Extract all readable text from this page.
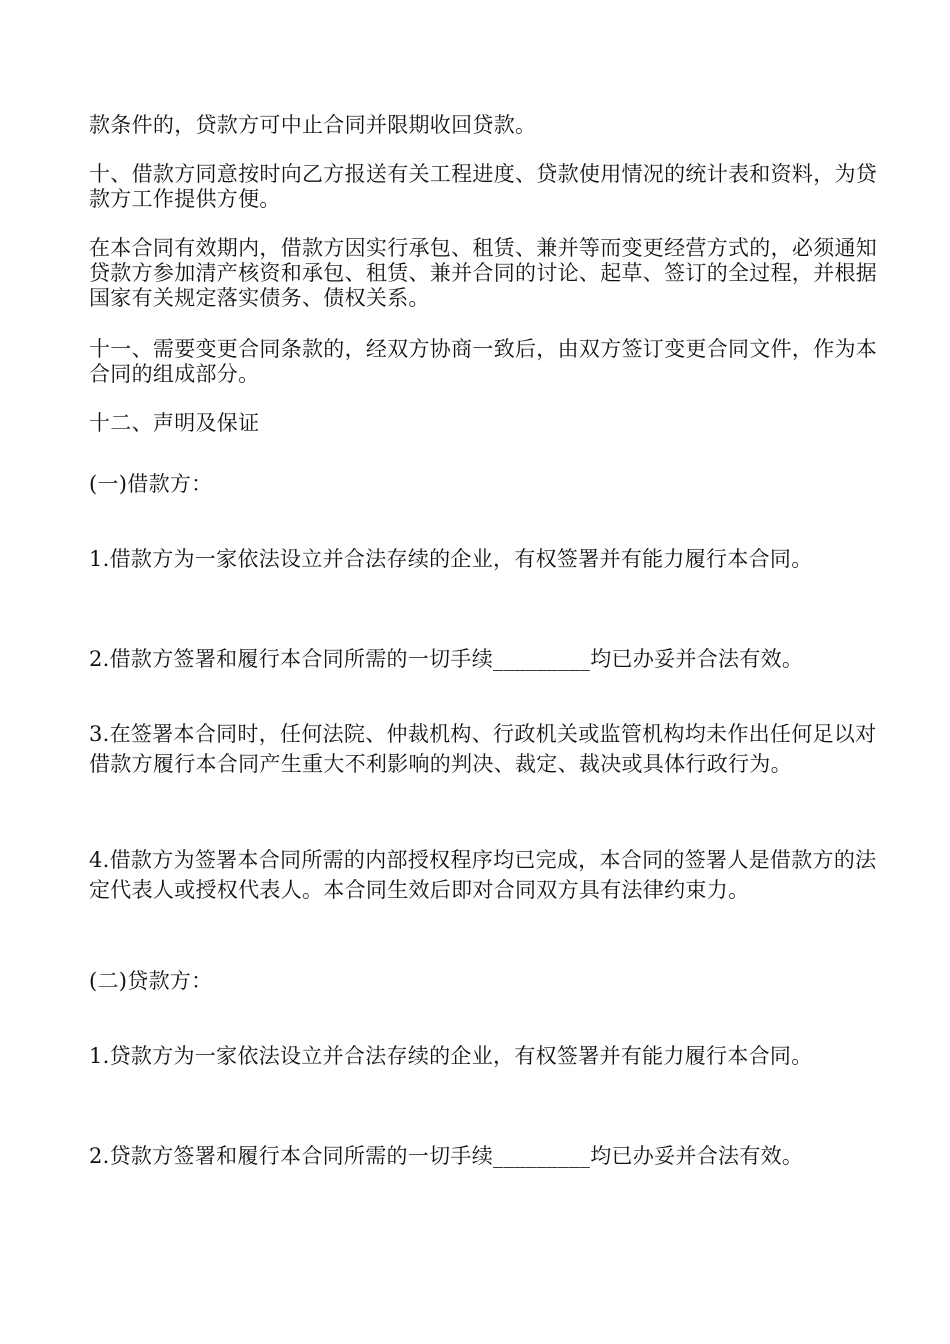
款条件的，贷款方可中止合同并限期收回贷款。

十、借款方同意按时向乙方报送有关工程进度、贷款使用情况的统计表和资料，为贷款方工作提供方便。

在本合同有效期内，借款方因实行承包、租赁、兼并等而变更经营方式的，必须通知贷款方参加清产核资和承包、租赁、兼并合同的讨论、起草、签订的全过程，并根据国家有关规定落实债务、债权关系。

十一、需要变更合同条款的，经双方协商一致后，由双方签订变更合同文件，作为本合同的组成部分。

十二、声明及保证

(一)借款方：

1.借款方为一家依法设立并合法存续的企业，有权签署并有能力履行本合同。

2.借款方签署和履行本合同所需的一切手续_________均已办妥并合法有效。

3.在签署本合同时，任何法院、仲裁机构、行政机关或监管机构均未作出任何足以对借款方履行本合同产生重大不利影响的判决、裁定、裁决或具体行政行为。

4.借款方为签署本合同所需的内部授权程序均已完成，本合同的签署人是借款方的法定代表人或授权代表人。本合同生效后即对合同双方具有法律约束力。

(二)贷款方：

1.贷款方为一家依法设立并合法存续的企业，有权签署并有能力履行本合同。

2.贷款方签署和履行本合同所需的一切手续_________均已办妥并合法有效。
